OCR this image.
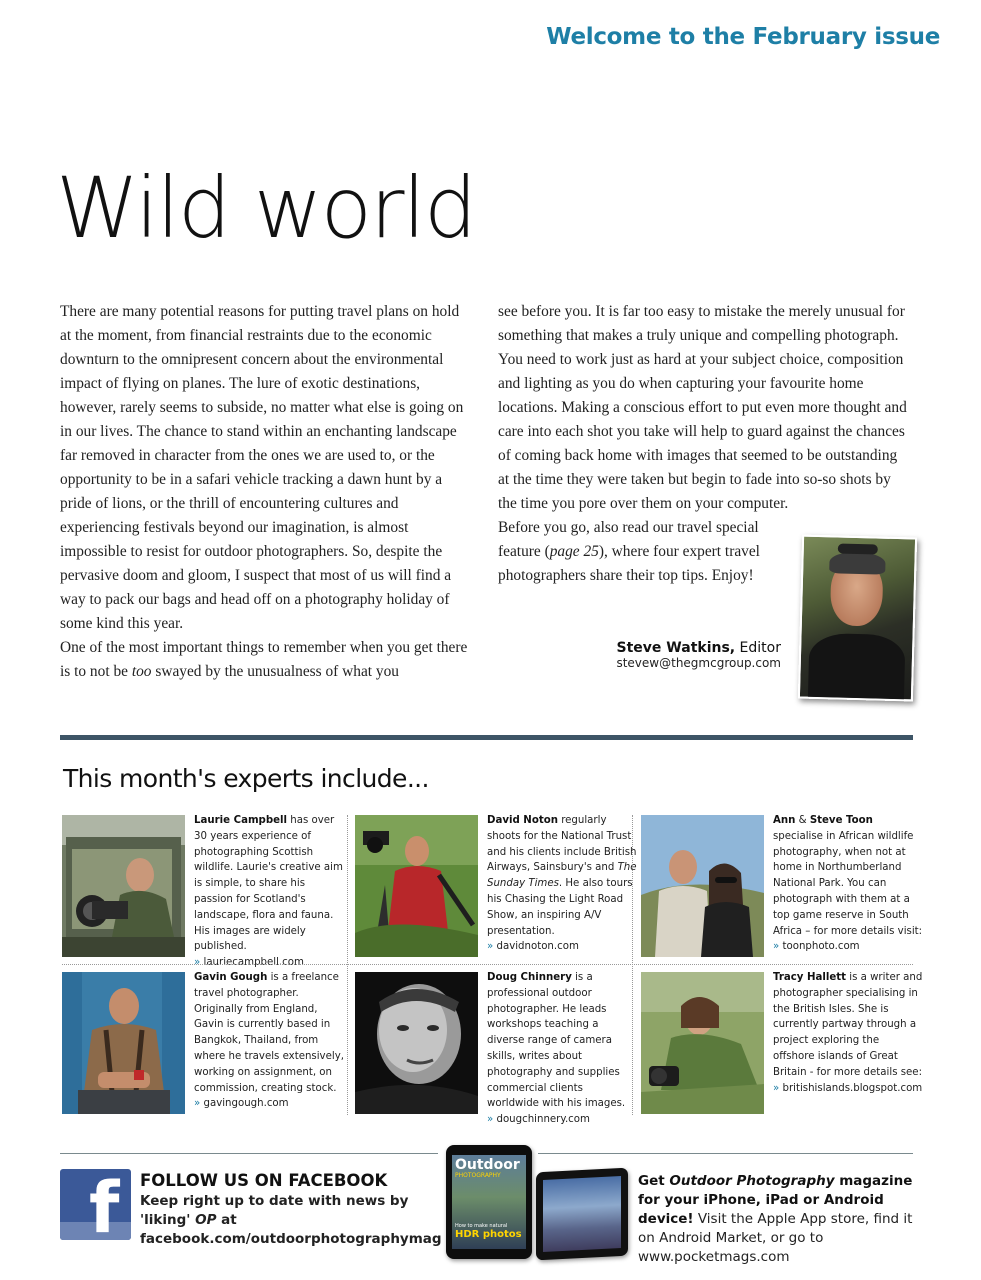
Welcome to the February issue
Wild world

There are many potential reasons for putting travel plans on hold at the moment, from financial restraints due to the economic downturn to the omnipresent concern about the environmental impact of flying on planes. The lure of exotic destinations, however, rarely seems to subside, no matter what else is going on in our lives. The chance to stand within an enchanting landscape far removed in character from the ones we are used to, or the opportunity to be in a safari vehicle tracking a dawn hunt by a pride of lions, or the thrill of encountering cultures and experiencing festivals beyond our imagination, is almost impossible to resist for outdoor photographers. So, despite the pervasive doom and gloom, I suspect that most of us will find a way to pack our bags and head off on a photography holiday of some kind this year.

One of the most important things to remember when you get there is to not be too swayed by the unusualness of what you

see before you. It is far too easy to mistake the merely unusual for something that makes a truly unique and compelling photograph. You need to work just as hard at your subject choice, composition and lighting as you do when capturing your favourite home locations. Making a conscious effort to put even more thought and care into each shot you take will help to guard against the chances of coming back home with images that seemed to be outstanding at the time they were taken but begin to fade into so-so shots by the time you pore over them on your computer.

Before you go, also read our travel special feature (page 25), where four expert travel photographers share their top tips. Enjoy!

Steve Watkins, Editor
stevew@thegmcgroup.com
This month's experts include...
Laurie Campbell has over 30 years experience of photographing Scottish wildlife. Laurie's creative aim is simple, to share his passion for Scotland's landscape, flora and fauna. His images are widely published.
» lauriecampbell.com
David Noton regularly shoots for the National Trust and his clients include British Airways, Sainsbury's and The Sunday Times. He also tours his Chasing the Light Road Show, an inspiring A/V presentation.
» davidnoton.com
Ann & Steve Toon specialise in African wildlife photography, when not at home in Northumberland National Park. You can photograph with them at a top game reserve in South Africa – for more details visit:
» toonphoto.com
Gavin Gough is a freelance travel photographer. Originally from England, Gavin is currently based in Bangkok, Thailand, from where he travels extensively, working on assignment, on commission, creating stock.
» gavingough.com
Doug Chinnery is a professional outdoor photographer. He leads workshops teaching a diverse range of camera skills, writes about photography and supplies commercial clients worldwide with his images.
» dougchinnery.com
Tracy Hallett is a writer and photographer specialising in the British Isles. She is currently partway through a project exploring the offshore islands of Great Britain - for more details see:
» britishislands.blogspot.com
f FOLLOW US ON FACEBOOK Keep right up to date with news by 'liking' OP at facebook.com/outdoorphotographymag
Outdoor
PHOTOGRAPHY
How to make natural
HDR photos
Get Outdoor Photography magazine for your iPhone, iPad or Android device! Visit the Apple App store, find it on Android Market, or go to www.pocketmags.com
